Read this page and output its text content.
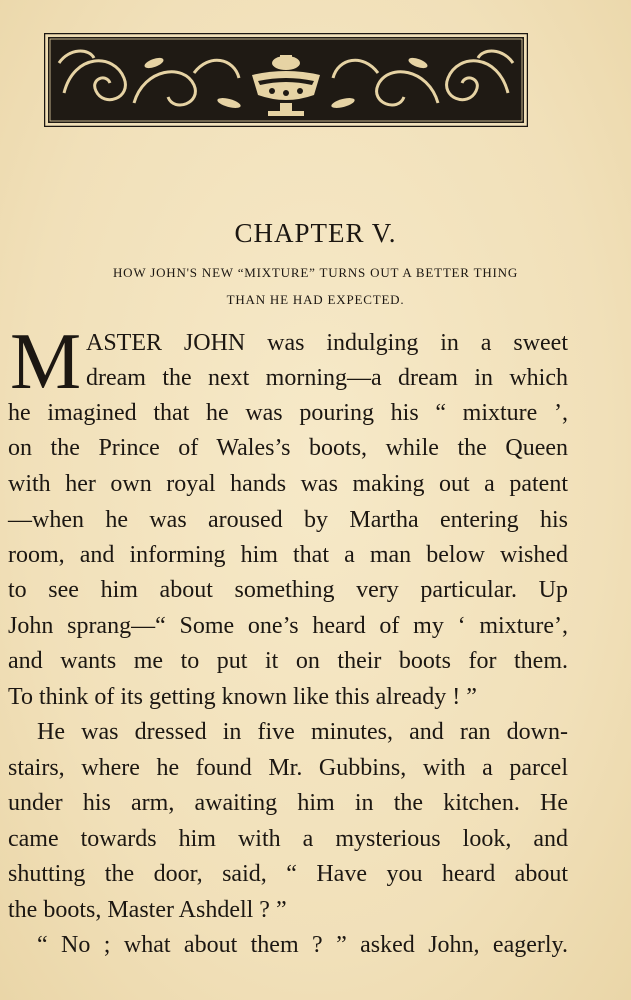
CHAPTER V.
HOW JOHN'S NEW “MIXTURE” TURNS OUT A BETTER THING
THAN HE HAD EXPECTED.
M ASTER JOHN was indulging in a sweet
dream the next morning—a dream in which
he imagined that he was pouring his “ mixture ’,
on the Prince of Wales’s boots, while the Queen
with her own royal hands was making out a patent
—when he was aroused by Martha entering his
room, and informing him that a man below wished
to see him about something very particular. Up
John sprang—“ Some one’s heard of my ‘ mixture’,
and wants me to put it on their boots for them.
To think of its getting known like this already ! ”
He was dressed in five minutes, and ran down-
stairs, where he found Mr. Gubbins, with a parcel
under his arm, awaiting him in the kitchen. He
came towards him with a mysterious look, and
shutting the door, said, “ Have you heard about
the boots, Master Ashdell ? ”
“ No ; what about them ? ” asked John, eagerly.
